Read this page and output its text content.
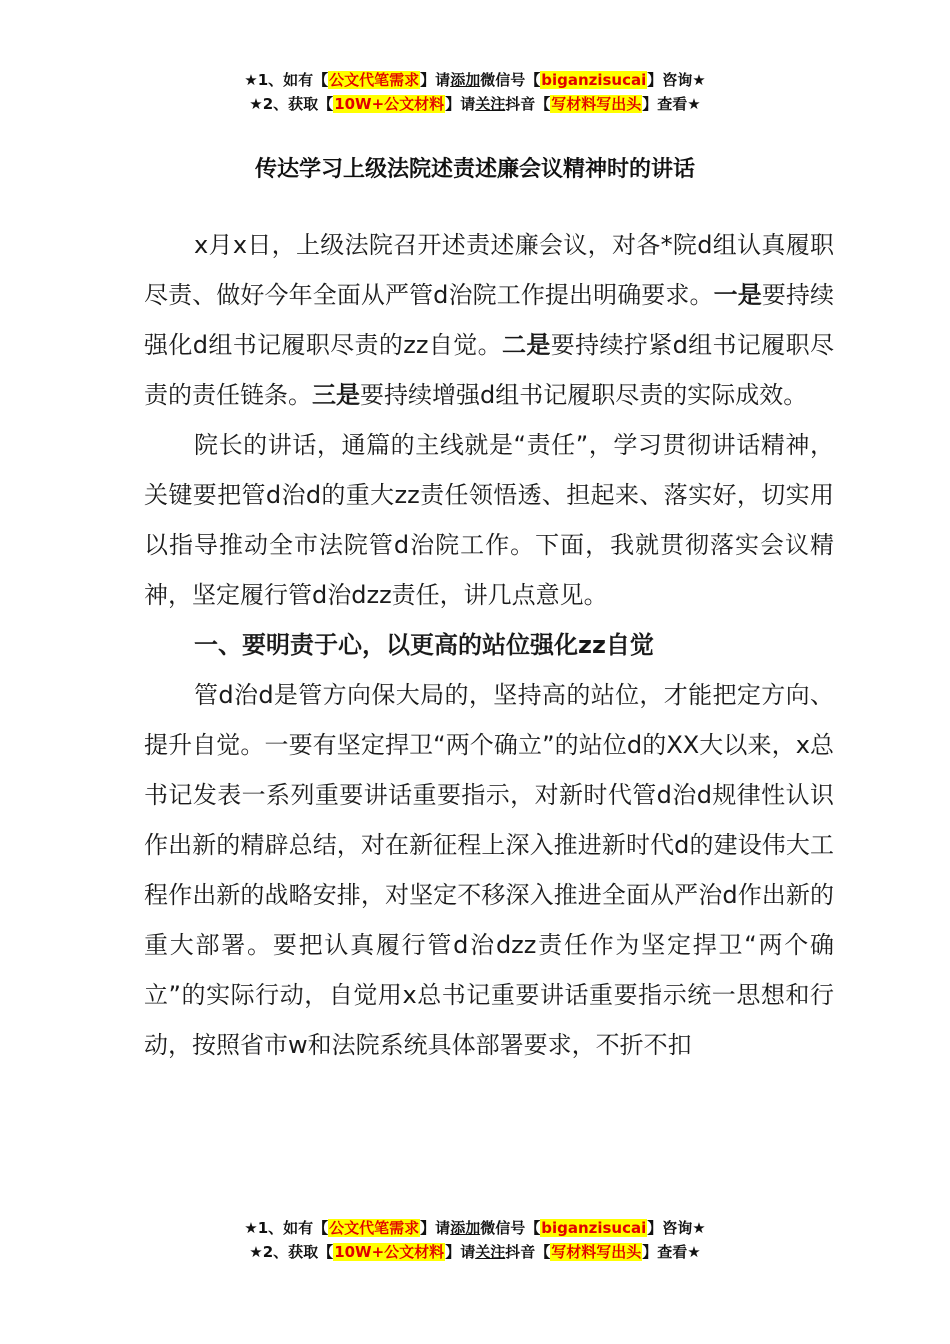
★1、如有【公文代笔需求】请添加微信号【biganzisucai】咨询★
★2、获取【10W+公文材料】请关注抖音【写材料写出头】查看★
传达学习上级法院述责述廉会议精神时的讲话

x月x日，上级法院召开述责述廉会议，对各*院d组认真履职尽责、做好今年全面从严管d治院工作提出明确要求。一是要持续强化d组书记履职尽责的zz自觉。二是要持续拧紧d组书记履职尽责的责任链条。三是要持续增强d组书记履职尽责的实际成效。

院长的讲话，通篇的主线就是“责任”，学习贯彻讲话精神，关键要把管d治d的重大zz责任领悟透、担起来、落实好，切实用以指导推动全市法院管d治院工作。下面，我就贯彻落实会议精神，坚定履行管d治dzz责任，讲几点意见。

一、要明责于心，以更高的站位强化zz自觉

管d治d是管方向保大局的，坚持高的站位，才能把定方向、提升自觉。一要有坚定捍卫“两个确立”的站位d的XX大以来，x总书记发表一系列重要讲话重要指示，对新时代管d治d规律性认识作出新的精辟总结，对在新征程上深入推进新时代d的建设伟大工程作出新的战略安排，对坚定不移深入推进全面从严治d作出新的重大部署。要把认真履行管d治dzz责任作为坚定捍卫“两个确立”的实际行动，自觉用x总书记重要讲话重要指示统一思想和行动，按照省市w和法院系统具体部署要求，不折不扣

★1、如有【公文代笔需求】请添加微信号【biganzisucai】咨询★
★2、获取【10W+公文材料】请关注抖音【写材料写出头】查看★
